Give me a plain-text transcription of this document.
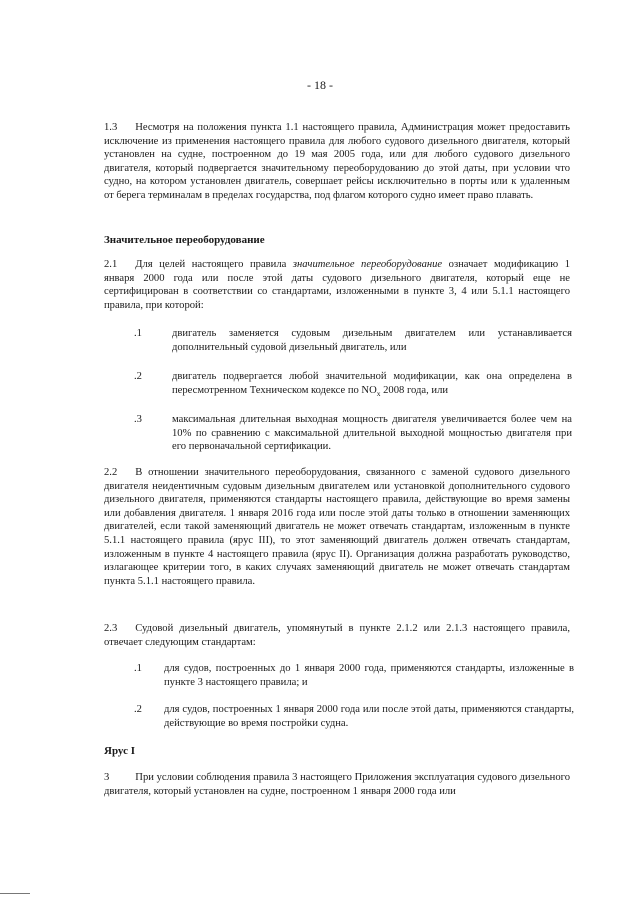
- 18 -
1.3 Несмотря на положения пункта 1.1 настоящего правила, Администрация может предоставить исключение из применения настоящего правила для любого судового дизельного двигателя, который установлен на судне, построенном до 19 мая 2005 года, или для любого судового дизельного двигателя, который подвергается значительному переоборудованию до этой даты, при условии что судно, на котором установлен двигатель, совершает рейсы исключительно в порты или к удаленным от берега терминалам в пределах государства, под флагом которого судно имеет право плавать.
Значительное переоборудование
2.1 Для целей настоящего правила значительное переоборудование означает модификацию 1 января 2000 года или после этой даты судового дизельного двигателя, который еще не сертифицирован в соответствии со стандартами, изложенными в пункте 3, 4 или 5.1.1 настоящего правила, при которой:
.1	двигатель заменяется судовым дизельным двигателем или устанавливается дополнительный судовой дизельный двигатель, или
.2	двигатель подвергается любой значительной модификации, как она определена в пересмотренном Техническом кодексе по $NO_x$ 2008 года, или
.3	максимальная длительная выходная мощность двигателя увеличивается более чем на 10% по сравнению с максимальной длительной выходной мощностью двигателя при его первоначальной сертификации.
2.2 В отношении значительного переоборудования, связанного с заменой судового дизельного двигателя неидентичным судовым дизельным двигателем или установкой дополнительного судового дизельного двигателя, применяются стандарты настоящего правила, действующие во время замены или добавления двигателя. 1 января 2016 года или после этой даты только в отношении заменяющих двигателей, если такой заменяющий двигатель не может отвечать стандартам, изложенным в пункте 5.1.1 настоящего правила (ярус III), то этот заменяющий двигатель должен отвечать стандартам, изложенным в пункте 4 настоящего правила (ярус II). Организация должна разработать руководство, излагающее критерии того, в каких случаях заменяющий двигатель не может отвечать стандартам пункта 5.1.1 настоящего правила.
2.3 Судовой дизельный двигатель, упомянутый в пункте 2.1.2 или 2.1.3 настоящего правила, отвечает следующим стандартам:
.1 для судов, построенных до 1 января 2000 года, применяются стандарты, изложенные в пункте 3 настоящего правила; и
.2 для судов, построенных 1 января 2000 года или после этой даты, применяются стандарты, действующие во время постройки судна.
Ярус I
3 При условии соблюдения правила 3 настоящего Приложения эксплуатация судового дизельного двигателя, который установлен на судне, построенном 1 января 2000 года или
